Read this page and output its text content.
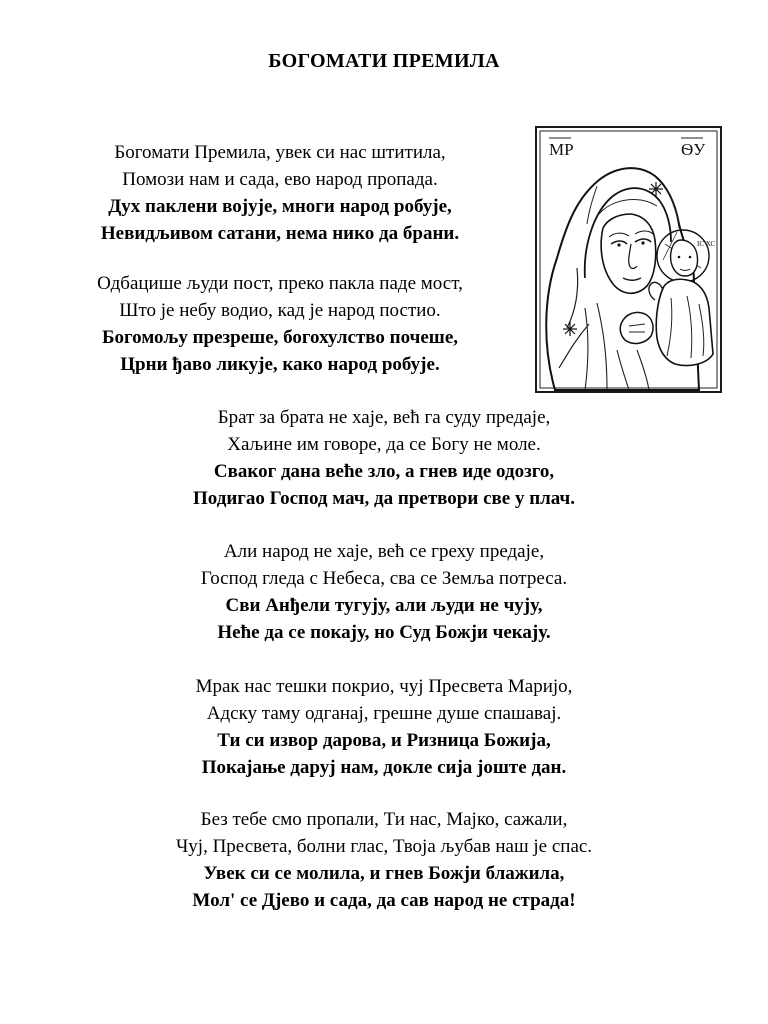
БОГОМАТИ ПРЕМИЛА
МР	ѲУ
ІС ХС
Богомати Премила, увек си нас штитила,
Помози нам и сада, ево народ пропада.
Дух паклени војује, многи народ робује,
Невидљивом сатани, нема нико да брани.
Одбацише људи пост, преко пакла паде мост,
Што је небу водио, кад је народ постио.
Богомољу презреше, богохулство почеше,
Црни ђаво ликује, како народ робује.
Брат за брата не хаје, већ га суду предаје,
Хаљине им говоре, да се Богу не моле.
Сваког дана веће зло, а гнев иде одозго,
Подигао Господ мач, да претвори све у плач.
Али народ не хаје, већ се греху предаје,
Господ гледа с Небеса, сва се Земља потреса.
Сви Анђели тугују, али људи не чују,
Неће да се покају, но Суд Божји чекају.
Мрак нас тешки покрио, чуј Пресвета Маријо,
Адску таму одганај, грешне душе спашавај.
Ти си извор дарова, и Ризница Божија,
Покајање даруј нам, докле сија јоште дан.
Без тебе смо пропали, Ти нас, Мајко, сажали,
Чуј, Пресвета, болни глас, Твоја љубав наш је спас.
Увек си се молила, и гнев Божји блажила,
Мол' се Дјево и сада, да сав народ не страда!
